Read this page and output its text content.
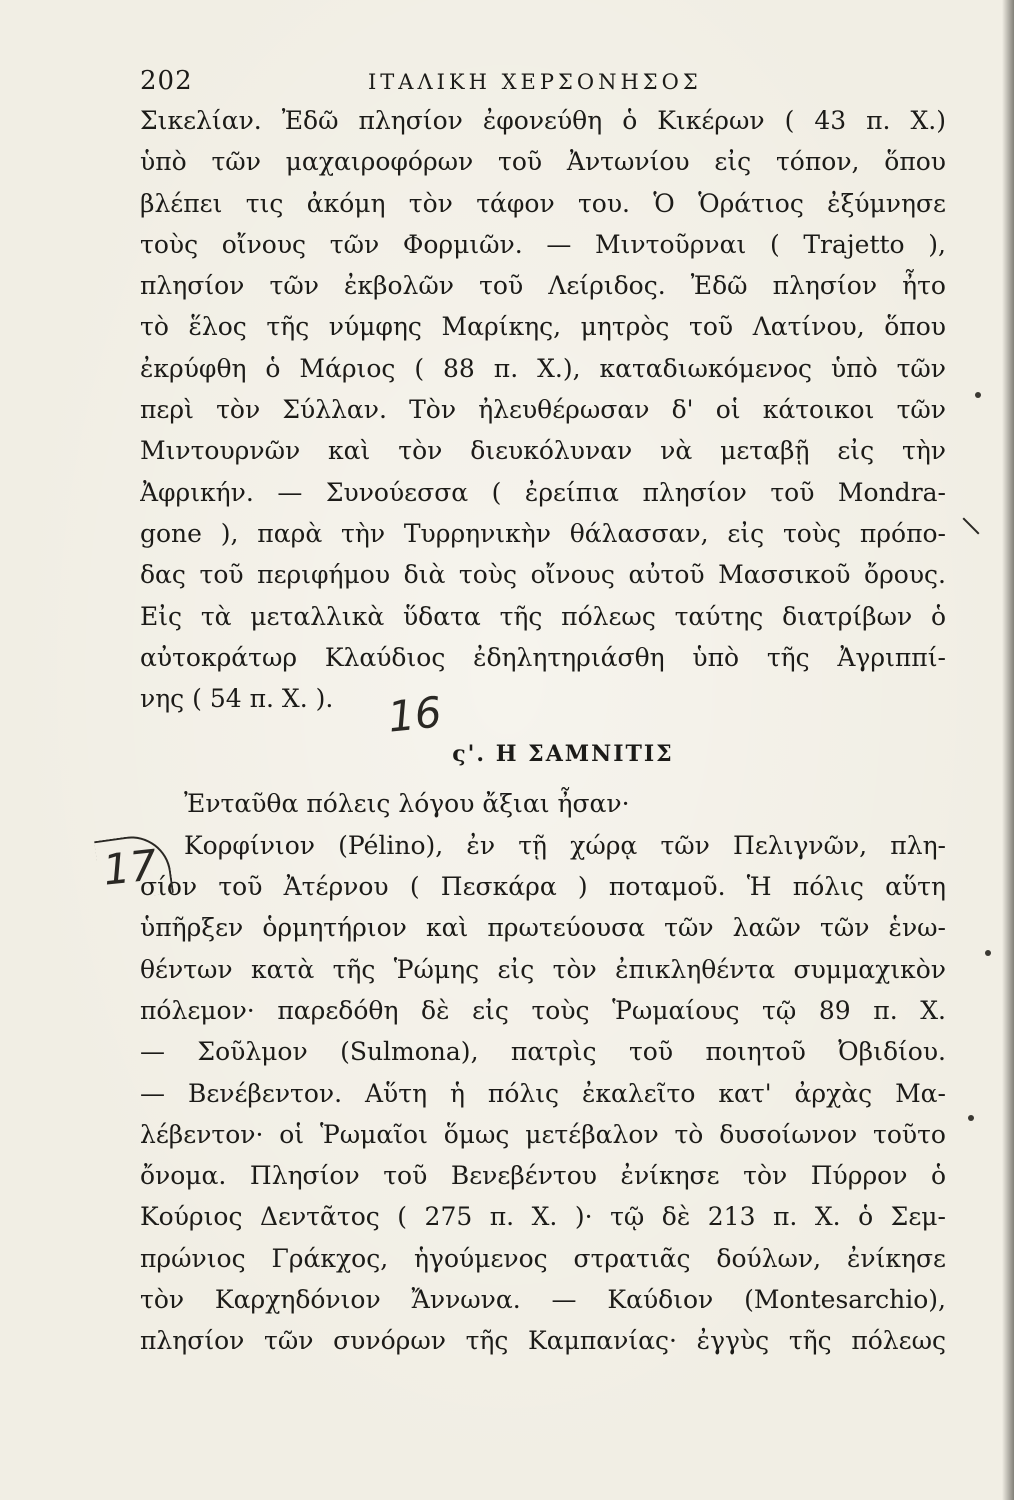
202	ΙΤΑΛΙΚΗ ΧΕΡΣΟΝΗΣΟΣ
Σικελίαν. Ἐδῶ πλησίον ἐφονεύθη ὁ Κικέρων ( 43 π. Χ.)
ὑπὸ τῶν μαχαιροφόρων τοῦ Ἀντωνίου εἰς τόπον, ὅπου
βλέπει τις ἀκόμη τὸν τάφον του. Ὁ Ὁράτιος ἐξύμνησε
τοὺς οἴνους τῶν Φορμιῶν. — Μιντοῦρναι ( Trajetto ),
πλησίον τῶν ἐκβολῶν τοῦ Λείριδος. Ἐδῶ πλησίον ἦτο
τὸ ἕλος τῆς νύμφης Μαρίκης, μητρὸς τοῦ Λατίνου, ὅπου
ἐκρύφθη ὁ Μάριος ( 88 π. Χ.), καταδιωκόμενος ὑπὸ τῶν
περὶ τὸν Σύλλαν. Τὸν ἠλευθέρωσαν δ' οἱ κάτοικοι τῶν
Μιντουρνῶν καὶ τὸν διευκόλυναν νὰ μεταβῇ εἰς τὴν
Ἀφρικήν. — Συνούεσσα ( ἐρείπια πλησίον τοῦ Mondra-
gone ), παρὰ τὴν Τυρρηνικὴν θάλασσαν, εἰς τοὺς πρόπο-
δας τοῦ περιφήμου διὰ τοὺς οἴνους αὐτοῦ Μασσικοῦ ὄρους.
Εἰς τὰ μεταλλικὰ ὕδατα τῆς πόλεως ταύτης διατρίβων ὁ
αὐτοκράτωρ Κλαύδιος ἐδηλητηριάσθη ὑπὸ τῆς Ἀγριππί-
νης ( 54 π. Χ. ).
ς'. Η ΣΑΜΝΙΤΙΣ
Ἐνταῦθα πόλεις λόγου ἄξιαι ἦσαν·
Κορφίνιον (Pélino), ἐν τῇ χώρᾳ τῶν Πελιγνῶν, πλη-
σίον τοῦ Ἀτέρνου ( Πεσκάρα ) ποταμοῦ. Ἡ πόλις αὕτη
ὑπῆρξεν ὁρμητήριον καὶ πρωτεύουσα τῶν λαῶν τῶν ἑνω-
θέντων κατὰ τῆς Ῥώμης εἰς τὸν ἐπικληθέντα συμμαχικὸν
πόλεμον· παρεδόθη δὲ εἰς τοὺς Ῥωμαίους τῷ 89 π. Χ.
— Σοῦλμον (Sulmona), πατρὶς τοῦ ποιητοῦ Ὀβιδίου.
— Βενέβεντον. Αὕτη ἡ πόλις ἐκαλεῖτο κατ' ἀρχὰς Μα-
λέβεντον· οἱ Ῥωμαῖοι ὅμως μετέβαλον τὸ δυσοίωνον τοῦτο
ὄνομα. Πλησίον τοῦ Βενεβέντου ἐνίκησε τὸν Πύρρον ὁ
Κούριος Δεντᾶτος ( 275 π. Χ. )· τῷ δὲ 213 π. Χ. ὁ Σεμ-
πρώνιος Γράκχος, ἡγούμενος στρατιᾶς δούλων, ἐνίκησε
τὸν Καρχηδόνιον Ἄννωνα. — Καύδιον (Montesarchio),
πλησίον τῶν συνόρων τῆς Καμπανίας· ἐγγὺς τῆς πόλεως
16
17
